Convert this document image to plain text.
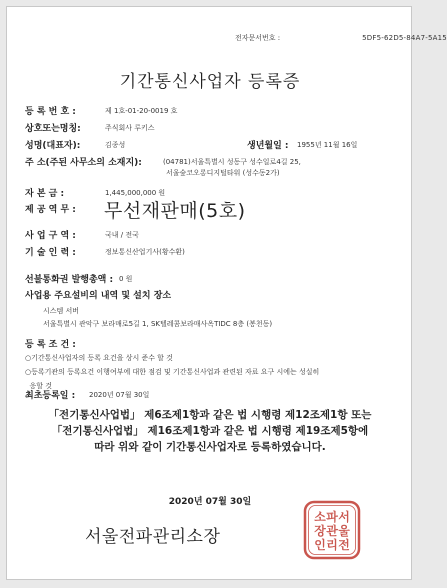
전자문서번호 :	5DF5-62D5-84A7-5A15
기간통신사업자 등록증
등 록 번 호 :	제 1호-01-20-0019 호
상호또는명칭:	주식회사 루키스
성명(대표자):	김종성	생년월일 : 1955년 11월 16일
주 소(주된 사무소의 소재지):	(04781)서울특별시 성동구 성수일로4길 25,
서울숲코오롱디지털타워 (성수동2가)
자 본 금 :	1,445,000,000 원
제 공 역 무 : 무선재판매(5호)
사 업 구 역 :	국내 / 전국
기 술 인 력 :	정보통신산업기사(황수환)
선불통화권 발행총액 : 0 원
사업용 주요설비의 내역 및 설치 장소
시스템 서버
서울특별시 관악구 보라매로5길 1, SK텔레콤보라매사옥TIDC 8층 (봉천동)
등 록 조 건 :
○기간통신사업자의 등록 요건을 상시 준수 할 것
○등록기관의 등록요건 이행여부에 대한 점검 및 기간통신사업과 관련된 자료 요구 시에는 성실히
응할 것
최초등록일 : 2020년 07월 30일
「전기통신사업법」 제6조제1항과 같은 법 시행령 제12조제1항 또는
「전기통신사업법」 제16조제1항과 같은 법 시행령 제19조제5항에
따라 위와 같이 기간통신사업자로 등록하였습니다.
2020년 07월 30일
서울전파관리소장
서
울
전
파
관
리
소
장
인
